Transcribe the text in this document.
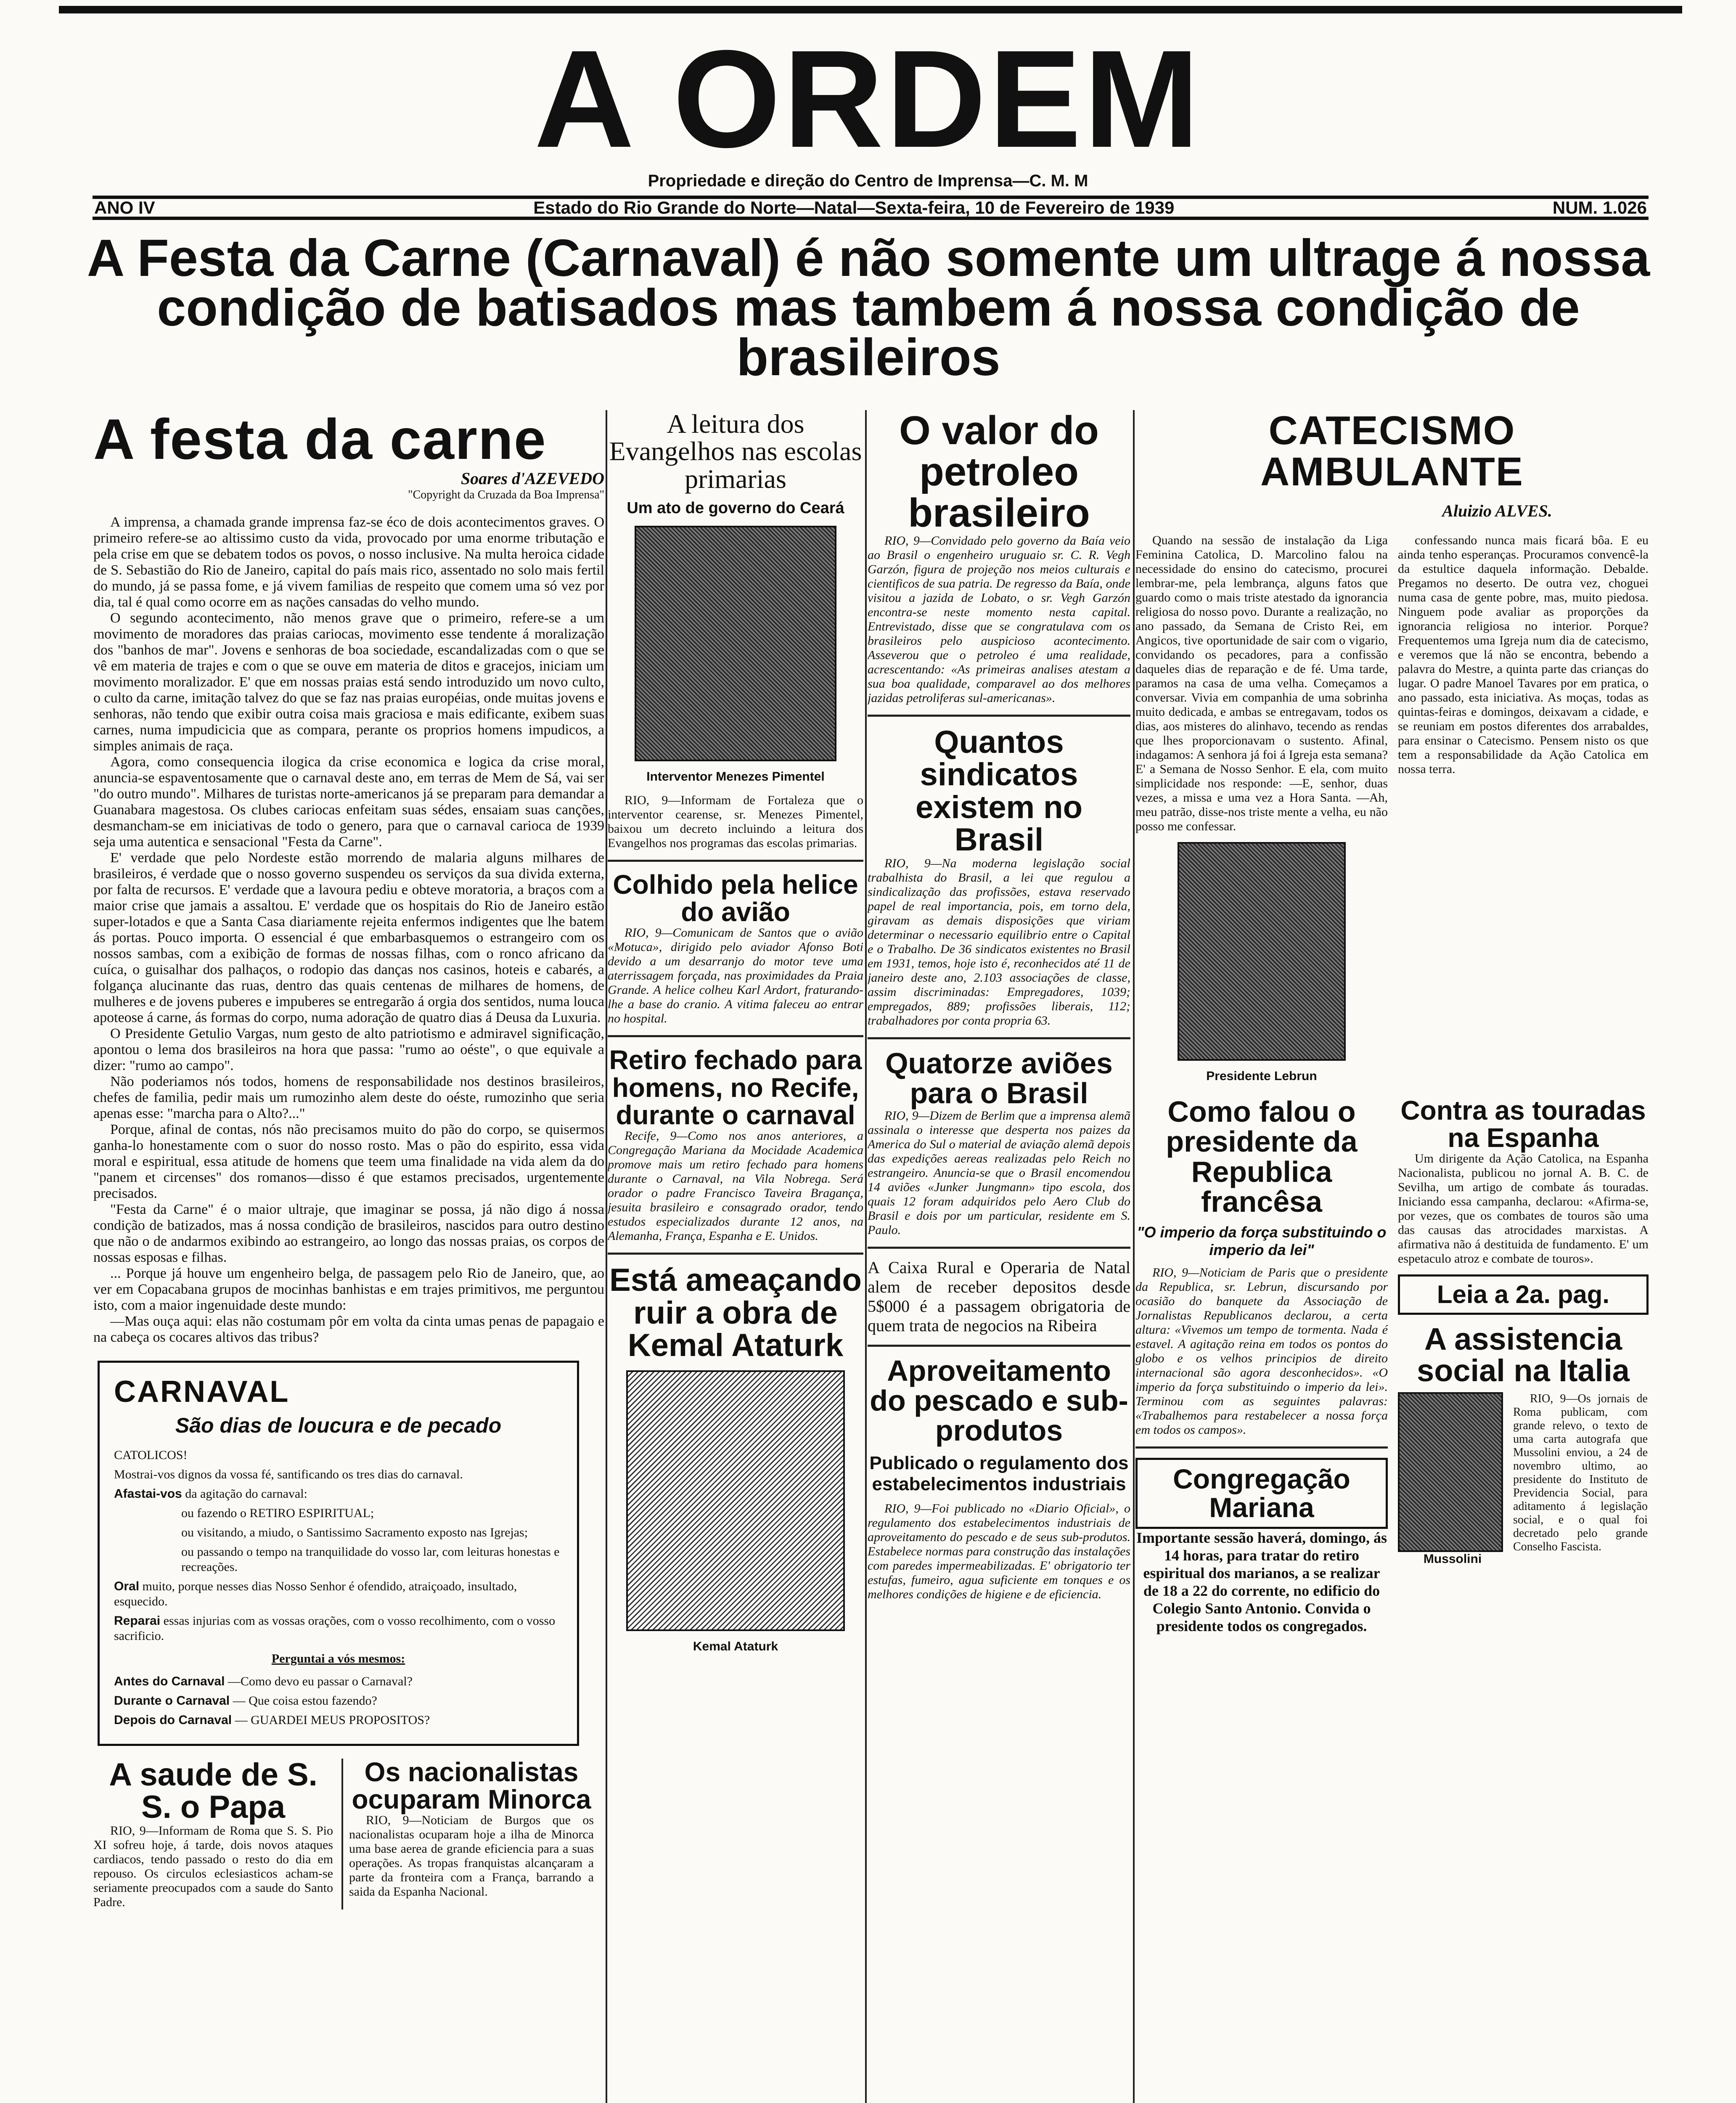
A ORDEM
Propriedade e direção do Centro de Imprensa—C. M. M
ANO IV	Estado do Rio Grande do Norte—Natal—Sexta-feira, 10 de Fevereiro de 1939	NUM. 1.026
A Festa da Carne (Carnaval) é não somente um ultrage á nossa condição de batisados mas tambem á nossa condição de brasileiros
A festa da carne
Soares d'AZEVEDO
"Copyright da Cruzada da Boa Imprensa"

A imprensa, a chamada grande imprensa faz-se éco de dois acontecimentos graves. O primeiro refere-se ao altissimo custo da vida, provocado por uma enorme tributação e pela crise em que se debatem todos os povos, o nosso inclusive. Na multa heroica cidade de S. Sebastião do Rio de Janeiro, capital do país mais rico, assentado no solo mais fertil do mundo, já se passa fome, e já vivem familias de respeito que comem uma só vez por dia, tal é qual como ocorre em as nações cansadas do velho mundo.

O segundo acontecimento, não menos grave que o primeiro, refere-se a um movimento de moradores das praias cariocas, movimento esse tendente á moralização dos "banhos de mar". Jovens e senhoras de boa sociedade, escandalizadas com o que se vê em materia de trajes e com o que se ouve em materia de ditos e gracejos, iniciam um movimento moralizador. E' que em nossas praias está sendo introduzido um novo culto, o culto da carne, imitação talvez do que se faz nas praias européias, onde muitas jovens e senhoras, não tendo que exibir outra coisa mais graciosa e mais edificante, exibem suas carnes, numa impudicicia que as compara, perante os proprios homens impudicos, a simples animais de raça.

Agora, como consequencia ilogica da crise economica e logica da crise moral, anuncia-se espaventosamente que o carnaval deste ano, em terras de Mem de Sá, vai ser "do outro mundo". Milhares de turistas norte-americanos já se preparam para demandar a Guanabara magestosa. Os clubes cariocas enfeitam suas sédes, ensaiam suas canções, desmancham-se em iniciativas de todo o genero, para que o carnaval carioca de 1939 seja uma autentica e sensacional "Festa da Carne".

E' verdade que pelo Nordeste estão morrendo de malaria alguns milhares de brasileiros, é verdade que o nosso governo suspendeu os serviços da sua divida externa, por falta de recursos. E' verdade que a lavoura pediu e obteve moratoria, a braços com a maior crise que jamais a assaltou. E' verdade que os hospitais do Rio de Janeiro estão super-lotados e que a Santa Casa diariamente rejeita enfermos indigentes que lhe batem ás portas. Pouco importa. O essencial é que embarbasquemos o estrangeiro com os nossos sambas, com a exibição de formas de nossas filhas, com o ronco africano da cuíca, o guisalhar dos palhaços, o rodopio das danças nos casinos, hoteis e cabarés, a folgança alucinante das ruas, dentro das quais centenas de milhares de homens, de mulheres e de jovens puberes e impuberes se entregarão á orgia dos sentidos, numa louca apoteose á carne, ás formas do corpo, numa adoração de quatro dias á Deusa da Luxuria.

O Presidente Getulio Vargas, num gesto de alto patriotismo e admiravel significação, apontou o lema dos brasileiros na hora que passa: "rumo ao oéste", o que equivale a dizer: "rumo ao campo".

Não poderiamos nós todos, homens de responsabilidade nos destinos brasileiros, chefes de familia, pedir mais um rumozinho alem deste do oéste, rumozinho que seria apenas esse: "marcha para o Alto?..."

Porque, afinal de contas, nós não precisamos muito do pão do corpo, se quisermos ganha-lo honestamente com o suor do nosso rosto. Mas o pão do espirito, essa vida moral e espiritual, essa atitude de homens que teem uma finalidade na vida alem da do "panem et circenses" dos romanos—disso é que estamos precisados, urgentemente precisados.

"Festa da Carne" é o maior ultraje, que imaginar se possa, já não digo á nossa condição de batizados, mas á nossa condição de brasileiros, nascidos para outro destino que não o de andarmos exibindo ao estrangeiro, ao longo das nossas praias, os corpos de nossas esposas e filhas.

... Porque já houve um engenheiro belga, de passagem pelo Rio de Janeiro, que, ao ver em Copacabana grupos de mocinhas banhistas e em trajes primitivos, me perguntou isto, com a maior ingenuidade deste mundo:

—Mas ouça aqui: elas não costumam pôr em volta da cinta umas penas de papagaio e na cabeça os cocares altivos das tribus?

CARNAVAL
São dias de loucura e de pecado

CATOLICOS!

Mostrai-vos dignos da vossa fé, santificando os tres dias do carnaval.

Afastai-vos da agitação do carnaval:

ou fazendo o RETIRO ESPIRITUAL;

ou visitando, a miudo, o Santissimo Sacramento exposto nas Igrejas;

ou passando o tempo na tranquilidade do vosso lar, com leituras honestas e recreações.

Oral muito, porque nesses dias Nosso Senhor é ofendido, atraiçoado, insultado, esquecido.

Reparai essas injurias com as vossas orações, com o vosso recolhimento, com o vosso sacrificio.

Perguntai a vós mesmos:

Antes do Carnaval —Como devo eu passar o Carnaval?

Durante o Carnaval — Que coisa estou fazendo?

Depois do Carnaval — GUARDEI MEUS PROPOSITOS?

A saude de S. S. o Papa

RIO, 9—Informam de Roma que S. S. Pio XI sofreu hoje, á tarde, dois novos ataques cardiacos, tendo passado o resto do dia em repouso. Os circulos eclesiasticos acham-se seriamente preocupados com a saude do Santo Padre.

Os nacionalistas ocuparam Minorca

RIO, 9—Noticiam de Burgos que os nacionalistas ocuparam hoje a ilha de Minorca uma base aerea de grande eficiencia para a suas operações. As tropas franquistas alcançaram a parte da fronteira com a França, barrando a saida da Espanha Nacional.

A leitura dos Evangelhos nas escolas primarias
Um ato de governo do Ceará
Interventor Menezes Pimentel

RIO, 9—Informam de Fortaleza que o interventor cearense, sr. Menezes Pimentel, baixou um decreto incluindo a leitura dos Evangelhos nos programas das escolas primarias.

Colhido pela helice do avião

RIO, 9—Comunicam de Santos que o avião «Motuca», dirigido pelo aviador Afonso Boti devido a um desarranjo do motor teve uma aterrissagem forçada, nas proximidades da Praia Grande. A helice colheu Karl Ardort, fraturando-lhe a base do cranio. A vitima faleceu ao entrar no hospital.

Retiro fechado para homens, no Recife, durante o carnaval

Recife, 9—Como nos anos anteriores, a Congregação Mariana da Mocidade Academica promove mais um retiro fechado para homens durante o Carnaval, na Vila Nobrega. Será orador o padre Francisco Taveira Bragança, jesuita brasileiro e consagrado orador, tendo estudos especializados durante 12 anos, na Alemanha, França, Espanha e E. Unidos.

Está ameaçando ruir a obra de Kemal Ataturk
Kemal Ataturk
O valor do petroleo brasileiro

RIO, 9—Convidado pelo governo da Baía veio ao Brasil o engenheiro uruguaio sr. C. R. Vegh Garzón, figura de projeção nos meios culturais e cientificos de sua patria. De regresso da Baía, onde visitou a jazida de Lobato, o sr. Vegh Garzón encontra-se neste momento nesta capital. Entrevistado, disse que se congratulava com os brasileiros pelo auspicioso acontecimento. Asseverou que o petroleo é uma realidade, acrescentando: «As primeiras analises atestam a sua boa qualidade, comparavel ao dos melhores jazidas petroliferas sul-americanas».

Quantos sindicatos existem no Brasil

RIO, 9—Na moderna legislação social trabalhista do Brasil, a lei que regulou a sindicalização das profissões, estava reservado papel de real importancia, pois, em torno dela, giravam as demais disposições que viriam determinar o necessario equilibrio entre o Capital e o Trabalho. De 36 sindicatos existentes no Brasil em 1931, temos, hoje isto é, reconhecidos até 11 de janeiro deste ano, 2.103 associações de classe, assim discriminadas: Empregadores, 1039; empregados, 889; profissões liberais, 112; trabalhadores por conta propria 63.

Quatorze aviões para o Brasil

RIO, 9—Dizem de Berlim que a imprensa alemã assinala o interesse que desperta nos paizes da America do Sul o material de aviação alemã depois das expedições aereas realizadas pelo Reich no estrangeiro. Anuncia-se que o Brasil encomendou 14 aviões «Junker Jungmann» tipo escola, dos quais 12 foram adquiridos pelo Aero Club do Brasil e dois por um particular, residente em S. Paulo.

A Caixa Rural e Operaria de Natal alem de receber depositos desde 5$000 é a passagem obrigatoria de quem trata de negocios na Ribeira

Aproveitamento do pescado e sub-produtos
Publicado o regulamento dos estabelecimentos industriais

RIO, 9—Foi publicado no «Diario Oficial», o regulamento dos estabelecimentos industriais de aproveitamento do pescado e de seus sub-produtos. Estabelece normas para construção das instalações com paredes impermeabilizadas. E' obrigatorio ter estufas, fumeiro, agua suficiente em tonques e os melhores condições de higiene e de eficiencia.

CATECISMO AMBULANTE
Aluizio ALVES.

Quando na sessão de instalação da Liga Feminina Catolica, D. Marcolino falou na necessidade do ensino do catecismo, procurei lembrar-me, pela lembrança, alguns fatos que guardo como o mais triste atestado da ignorancia religiosa do nosso povo. Durante a realização, no ano passado, da Semana de Cristo Rei, em Angicos, tive oportunidade de sair com o vigario, convidando os pecadores, para a confissão daqueles dias de reparação e de fé. Uma tarde, paramos na casa de uma velha. Começamos a conversar. Vivia em companhia de uma sobrinha muito dedicada, e ambas se entregavam, todos os dias, aos misteres do alinhavo, tecendo as rendas que lhes proporcionavam o sustento. Afinal, indagamos: A senhora já foi á Igreja esta semana? E' a Semana de Nosso Senhor. E ela, com muito simplicidade nos responde: —E, senhor, duas vezes, a missa e uma vez a Hora Santa. —Ah, meu patrão, disse-nos triste mente a velha, eu não posso me confessar.

Presidente Lebrun

confessando nunca mais ficará bôa. E eu ainda tenho esperanças. Procuramos convencê-la da estultice daquela informação. Debalde. Pregamos no deserto. De outra vez, choguei numa casa de gente pobre, mas, muito piedosa. Ninguem pode avaliar as proporções da ignorancia religiosa no interior. Porque? Frequentemos uma Igreja num dia de catecismo, e veremos que lá não se encontra, bebendo a palavra do Mestre, a quinta parte das crianças do lugar. O padre Manoel Tavares por em pratica, o ano passado, esta iniciativa. As moças, todas as quintas-feiras e domingos, deixavam a cidade, e se reuniam em postos diferentes dos arrabaldes, para ensinar o Catecismo. Pensem nisto os que tem a responsabilidade da Ação Catolica em nossa terra.

Como falou o presidente da Republica francêsa
"O imperio da força substituindo o imperio da lei"

RIO, 9—Noticiam de Paris que o presidente da Republica, sr. Lebrun, discursando por ocasião do banquete da Associação de Jornalistas Republicanos declarou, a certa altura: «Vivemos um tempo de tormenta. Nada é estavel. A agitação reina em todos os pontos do globo e os velhos principios de direito internacional são agora desconhecidos». «O imperio da força substituindo o imperio da lei». Terminou com as seguintes palavras: «Trabalhemos para restabelecer a nossa força em todos os campos».

Congregação Mariana

Importante sessão haverá, domingo, ás 14 horas, para tratar do retiro espiritual dos marianos, a se realizar de 18 a 22 do corrente, no edificio do Colegio Santo Antonio. Convida o presidente todos os congregados.

Contra as touradas na Espanha

Um dirigente da Ação Catolica, na Espanha Nacionalista, publicou no jornal A. B. C. de Sevilha, um artigo de combate ás touradas. Iniciando essa campanha, declarou: «Afirma-se, por vezes, que os combates de touros são uma das causas das atrocidades marxistas. A afirmativa não á destituida de fundamento. E' um espetaculo atroz e combate de touros».

Leia a 2a. pag.
A assistencia social na Italia
Mussolini

RIO, 9—Os jornais de Roma publicam, com grande relevo, o texto de uma carta autografa que Mussolini enviou, a 24 de novembro ultimo, ao presidente do Instituto de Previdencia Social, para aditamento á legislação social, e o qual foi decretado pelo grande Conselho Fascista.
